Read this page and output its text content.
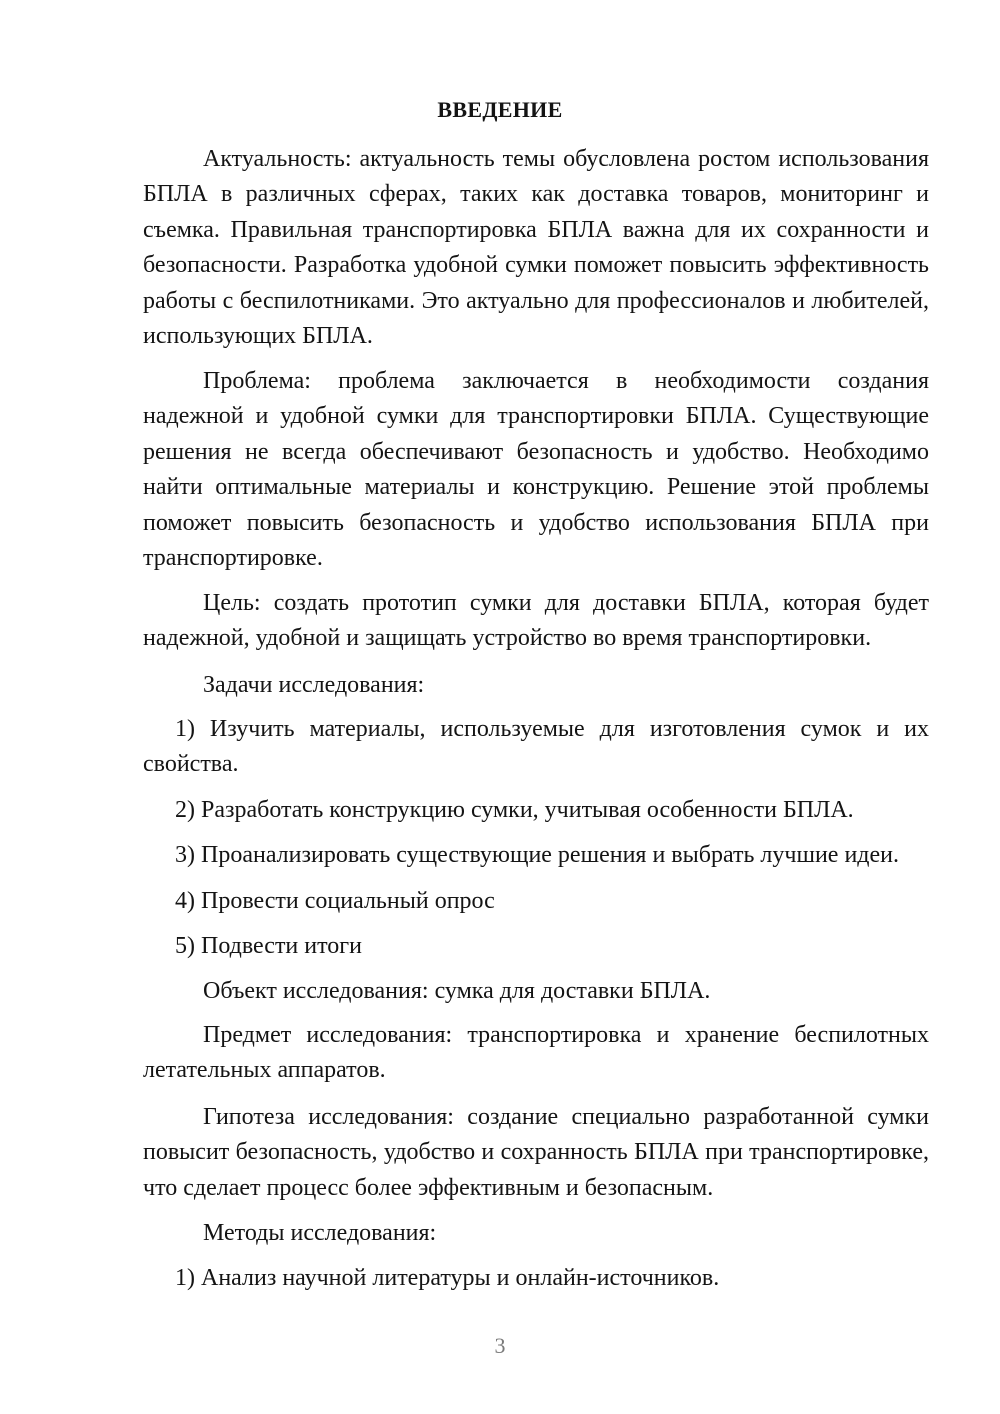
ВВЕДЕНИЕ
Актуальность: актуальность темы обусловлена ростом использования БПЛА в различных сферах, таких как доставка товаров, мониторинг и съемка. Правильная транспортировка БПЛА важна для их сохранности и безопасности. Разработка удобной сумки поможет повысить эффективность работы с беспилотниками. Это актуально для профессионалов и любителей, использующих БПЛА.
Проблема: проблема заключается в необходимости создания надежной и удобной сумки для транспортировки БПЛА. Существующие решения не всегда обеспечивают безопасность и удобство. Необходимо найти оптимальные материалы и конструкцию. Решение этой проблемы поможет повысить безопасность и удобство использования БПЛА при транспортировке.
Цель: создать прототип сумки для доставки БПЛА, которая будет надежной, удобной и защищать устройство во время транспортировки.
Задачи исследования:
1) Изучить материалы, используемые для изготовления сумок и их свойства.
2) Разработать конструкцию сумки, учитывая особенности БПЛА.
3) Проанализировать существующие решения и выбрать лучшие идеи.
4) Провести социальный опрос
5) Подвести итоги
Объект исследования: сумка для доставки БПЛА.
Предмет исследования: транспортировка и хранение беспилотных летательных аппаратов.
Гипотеза исследования: создание специально разработанной сумки повысит безопасность, удобство и сохранность БПЛА при транспортировке, что сделает процесс более эффективным и безопасным.
Методы исследования:
1) Анализ научной литературы и онлайн-источников.
3
